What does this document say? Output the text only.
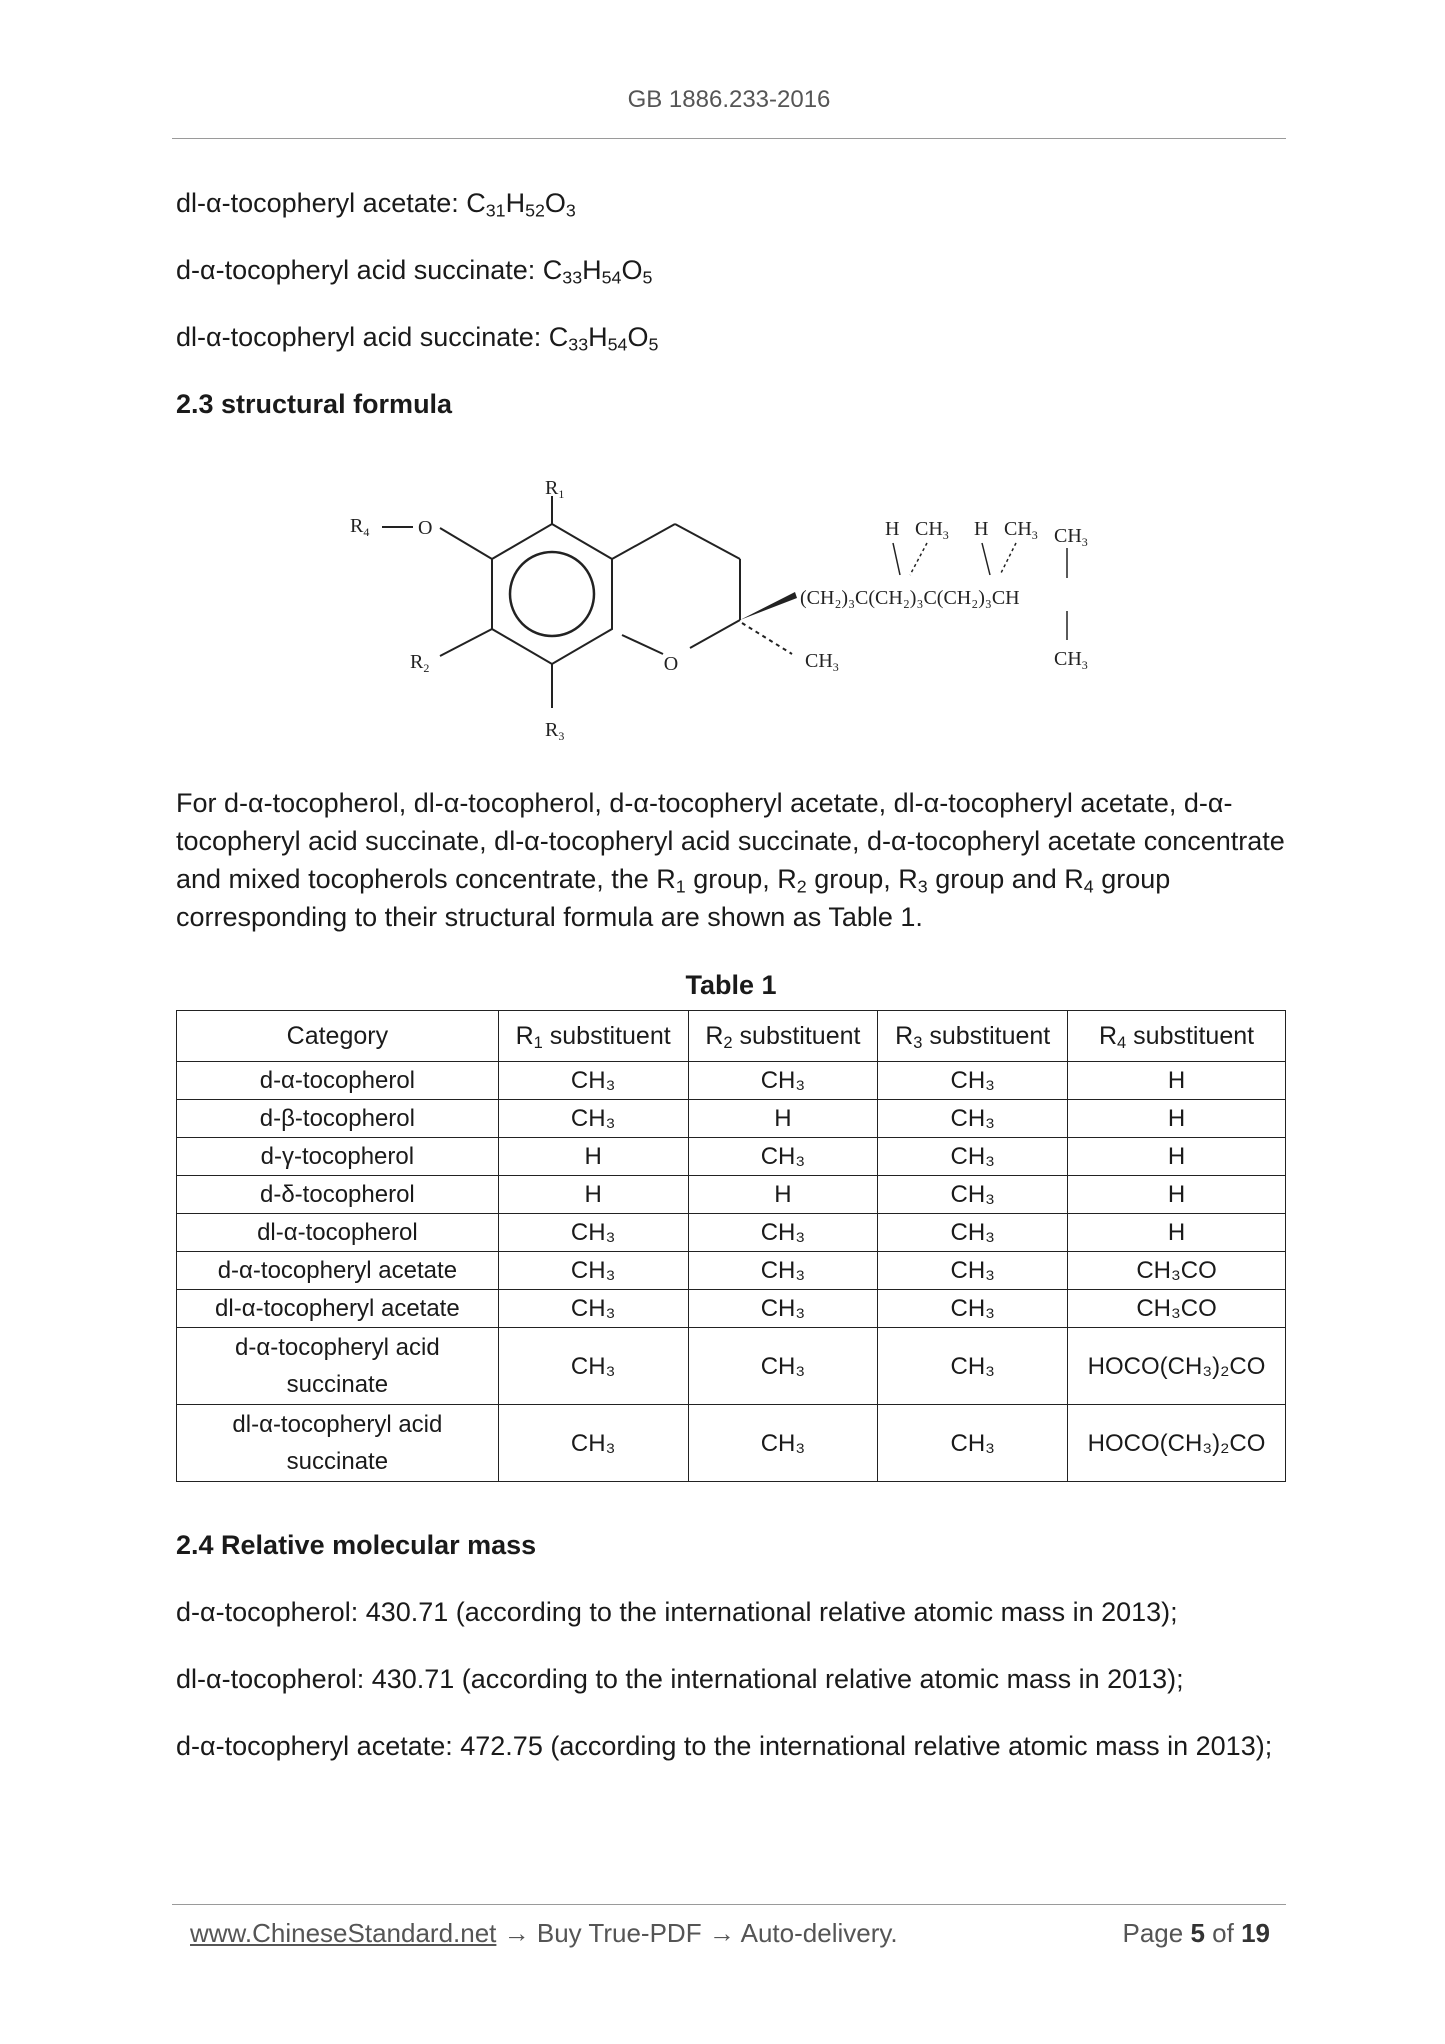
GB 1886.233-2016

dl-α-tocopheryl acetate: $C_{31}H_{52}O_3$

d-α-tocopheryl acid succinate: $C_{33}H_{54}O_5$

dl-α-tocopheryl acid succinate: $C_{33}H_{54}O_5$

2.3 structural formula

O
$R_1$
$R_3$
$R_2$
$R_4$ O
$CH_3$
(CH₂)₃C(CH₂)₃C(CH₂)₃CH
H $CH_3$ H $CH_3$ $CH_3$
$CH_3$

For d-α-tocopherol, dl-α-tocopherol, d-α-tocopheryl acetate, dl-α-tocopheryl acetate, d-α-tocopheryl acid succinate, dl-α-tocopheryl acid succinate, d-α-tocopheryl acetate concentrate and mixed tocopherols concentrate, the $R_1$ group, $R_2$ group, $R_3$ group and $R_4$ group corresponding to their structural formula are shown as Table 1.

Table 1
Category	$R_1$ substituent	$R_2$ substituent	$R_3$ substituent	$R_4$ substituent
d-α-tocopherol	CH₃	CH₃	CH₃	H
d-β-tocopherol	CH₃	H	CH₃	H
d-γ-tocopherol	H	CH₃	CH₃	H
d-δ-tocopherol	H	H	CH₃	H
dl-α-tocopherol	CH₃	CH₃	CH₃	H
d-α-tocopheryl acetate	CH₃	CH₃	CH₃	CH₃CO
dl-α-tocopheryl acetate	CH₃	CH₃	CH₃	CH₃CO
d-α-tocopheryl acid
succinate	CH₃	CH₃	CH₃	HOCO(CH₃)₂CO
dl-α-tocopheryl acid
succinate	CH₃	CH₃	CH₃	HOCO(CH₃)₂CO

2.4 Relative molecular mass

d-α-tocopherol: 430.71 (according to the international relative atomic mass in 2013);

dl-α-tocopherol: 430.71 (according to the international relative atomic mass in 2013);

d-α-tocopheryl acetate: 472.75 (according to the international relative atomic mass in 2013);

www.ChineseStandard.net → Buy True-PDF → Auto-delivery.	Page 5 of 19
